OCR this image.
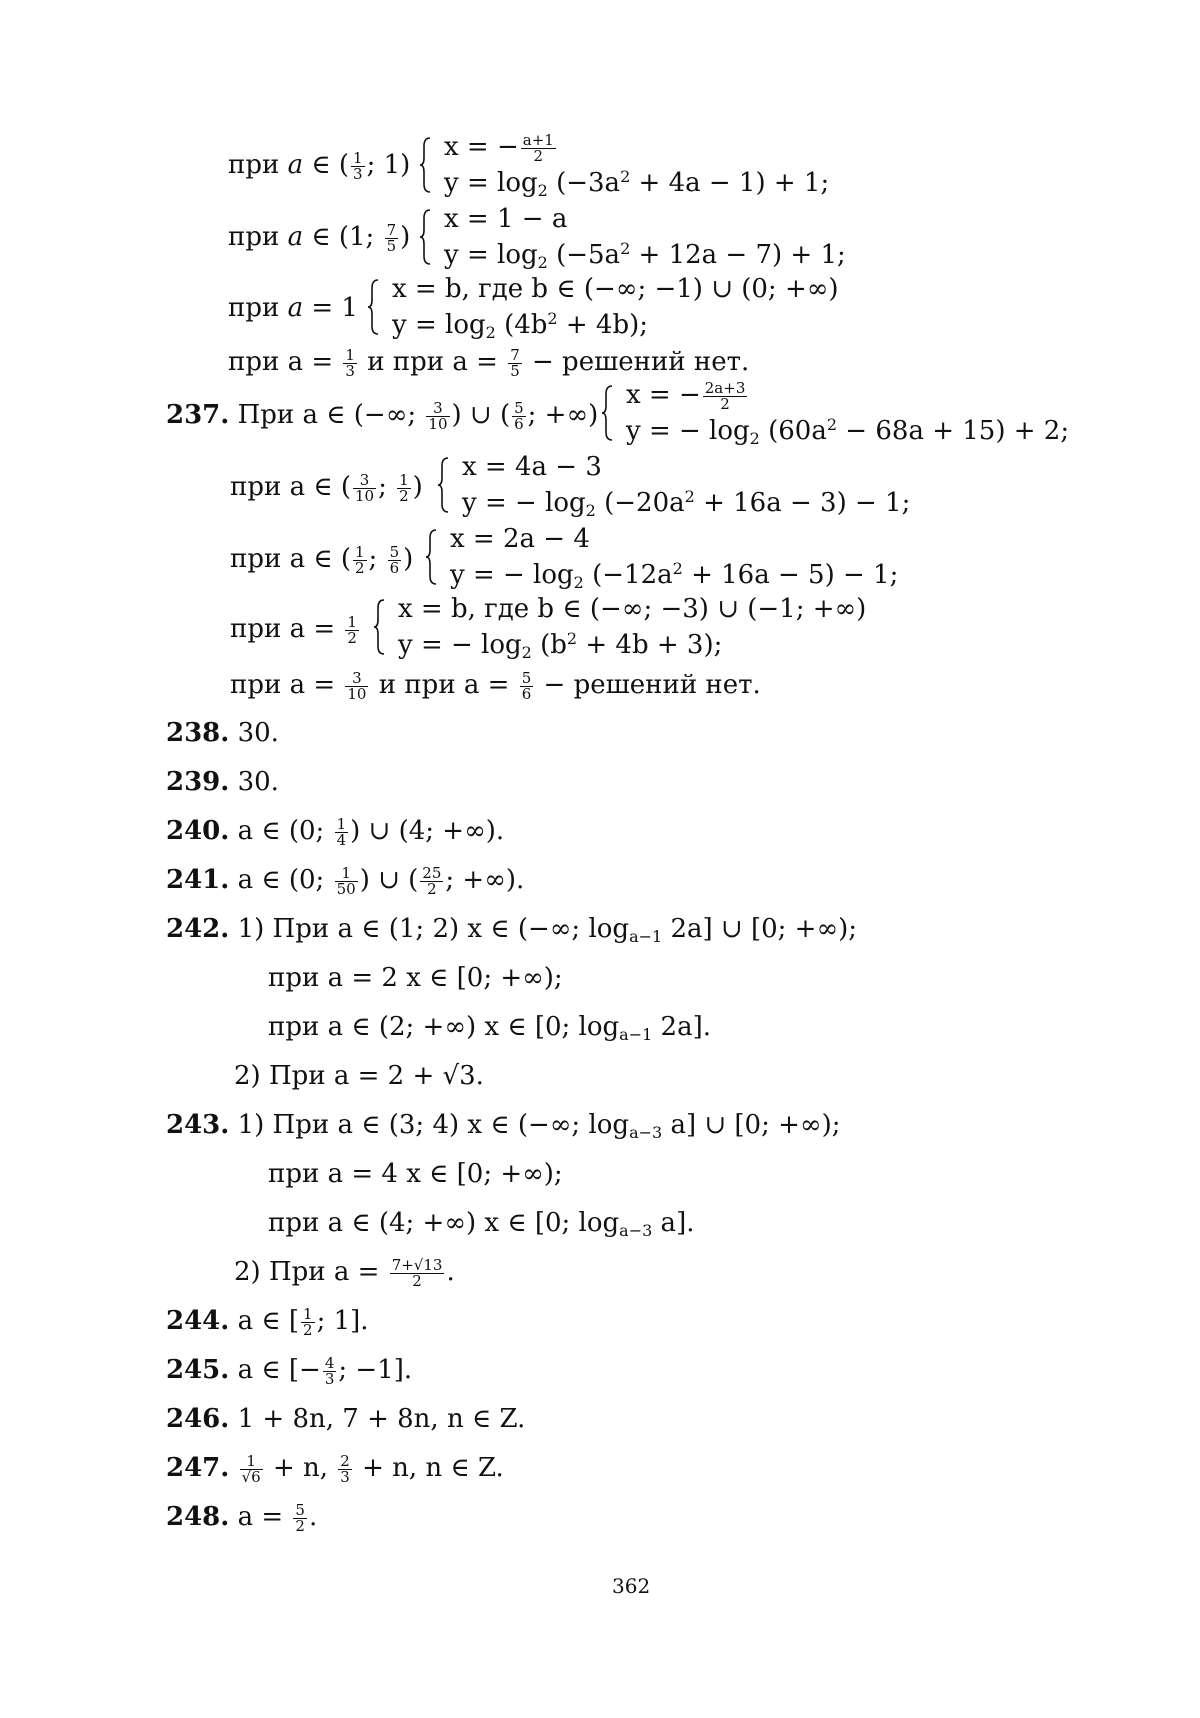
при a ∈ ( $\frac{1}{3}$ ; 1)
x = − $\frac{a+1}{2}$
$y = \log_2 (-3a^2 + 4a - 1) + 1$;
при a ∈ (1; $\frac{7}{5}$ )
x = 1 − a
$y = \log_2 (-5a^2 + 12a - 7) + 1$;
при a = 1
x = b, где b ∈ (−∞; −1) ∪ (0; +∞)
$y = \log_2 (4b^2 + 4b)$;
при $a = \frac{1}{3}$ и при $a = \frac{7}{5}$ − решений нет.
237. При a ∈ (−∞; $\frac{3}{10}$ ) ∪ ( $\frac{5}{6}$ ; +∞)
x = − $\frac{2a+3}{2}$
y = − $\log_2 (60a^2 - 68a + 15) + 2$;
при a ∈ ( $\frac{3}{10}$ ; $\frac{1}{2}$ )
x = 4a − 3
y = − $\log_2 (-20a^2 + 16a - 3) - 1$;
при a ∈ ( $\frac{1}{2}$ ; $\frac{5}{6}$ )
x = 2a − 4
y = − $\log_2 (-12a^2 + 16a - 5) - 1$;
при $a = \frac{1}{2}$
x = b, где b ∈ (−∞; −3) ∪ (−1; +∞)
y = − $\log_2 (b^2 + 4b + 3)$;
при $a = \frac{3}{10}$ и при $a = \frac{5}{6}$ − решений нет.
238. 30.
239. 30.
240. a ∈ (0; $\frac{1}{4}$ ) ∪ (4; +∞).
241. a ∈ (0; $\frac{1}{50}$ ) ∪ ( $\frac{25}{2}$ ; +∞).
242. 1) При a ∈ (1; 2) x ∈ (−∞; $\log_{a-1} 2a$] ∪ [0; +∞);
при a = 2 x ∈ [0; +∞);
при a ∈ (2; +∞) x ∈ [0; $\log_{a-1} 2a$].
2) При a = 2 + √3.
243. 1) При a ∈ (3; 4) x ∈ (−∞; $\log_{a-3} a$] ∪ [0; +∞);
при a = 4 x ∈ [0; +∞);
при a ∈ (4; +∞) x ∈ [0; $\log_{a-3} a$].
2) При $a = \frac{7+√13}{2}$ .
244. a ∈ [ $\frac{1}{2}$ ; 1].
245. a ∈ [− $\frac{4}{3}$ ; −1].
246. 1 + 8n, 7 + 8n, n ∈ Z.
247. $\frac{1}{√6} + n$, $\frac{2}{3} + n$, n ∈ Z.
248. $a = \frac{5}{2}$ .
362
